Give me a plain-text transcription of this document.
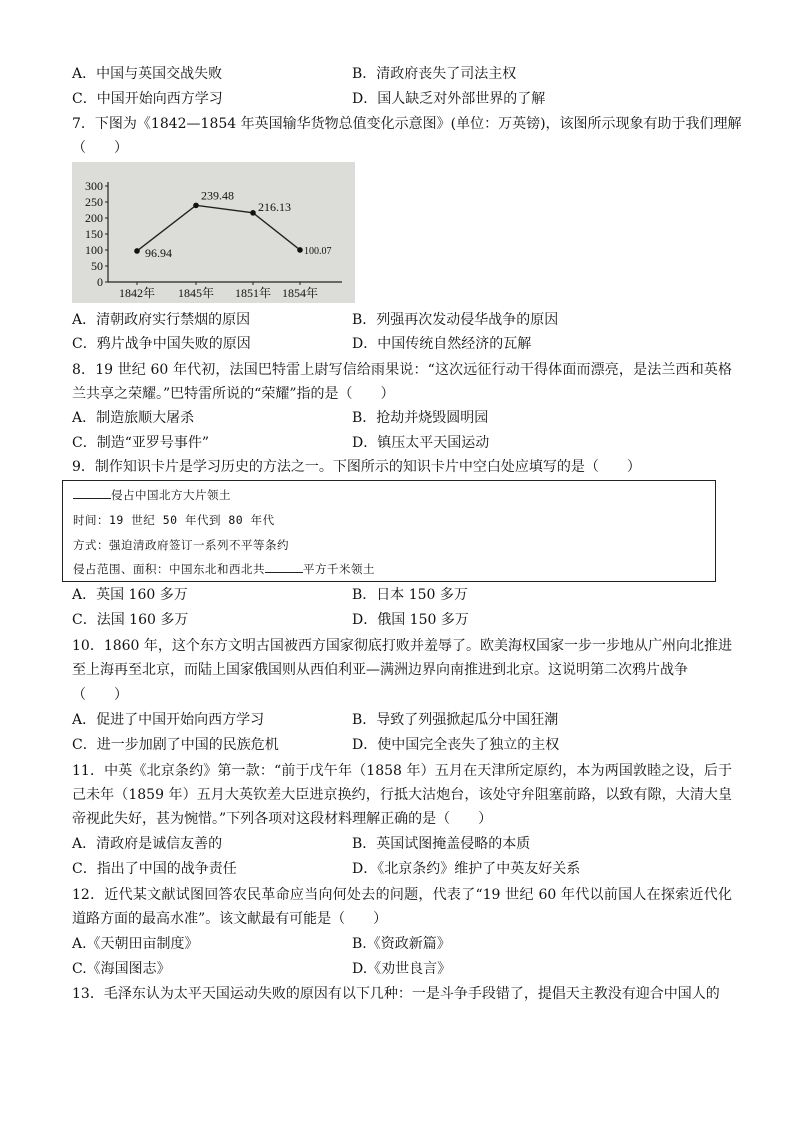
A．中国与英国交战失败	B．清政府丧失了司法主权
C．中国开始向西方学习	D．国人缺乏对外部世界的了解
7．下图为《1842—1854 年英国输华货物总值变化示意图》(单位：万英镑)，该图所示现象有助于我们理解
（　　）
300
250
200
150
100
50
0
96.94
239.48
216.13
100.07
1842年 1845年 1851年 1854年
A．清朝政府实行禁烟的原因	B．列强再次发动侵华战争的原因
C．鸦片战争中国失败的原因	D．中国传统自然经济的瓦解
8．19 世纪 60 年代初，法国巴特雷上尉写信给雨果说：“这次远征行动干得体面而漂亮，是法兰西和英格兰共享之荣耀。”巴特雷所说的“荣耀”指的是（　　）
A．制造旅顺大屠杀	B．抢劫并烧毁圆明园
C．制造“亚罗号事件”	D．镇压太平天国运动
9．制作知识卡片是学习历史的方法之一。下图所示的知识卡片中空白处应填写的是（　　）
侵占中国北方大片领土
时间：19 世纪 50 年代到 80 年代
方式：强迫清政府签订一系列不平等条约
侵占范围、面积：中国东北和西北共	平方千米领土
A．英国 160 多万	B．日本 150 多万
C．法国 160 多万	D．俄国 150 多万
10．1860 年，这个东方文明古国被西方国家彻底打败并羞辱了。欧美海权国家一步一步地从广州向北推进至上海再至北京，而陆上国家俄国则从西伯利亚—满洲边界向南推进到北京。这说明第二次鸦片战争
（　　）
A．促进了中国开始向西方学习	B．导致了列强掀起瓜分中国狂潮
C．进一步加剧了中国的民族危机	D．使中国完全丧失了独立的主权
11．中英《北京条约》第一款：“前于戊午年（1858 年）五月在天津所定原约，本为两国敦睦之设，后于己未年（1859 年）五月大英钦差大臣进京换约，行抵大沽炮台，该处守弁阻塞前路，以致有隙，大清大皇帝视此失好，甚为惋惜。”下列各项对这段材料理解正确的是（　　）
A．清政府是诚信友善的	B．英国试图掩盖侵略的本质
C．指出了中国的战争责任	D．《北京条约》维护了中英友好关系
12．近代某文献试图回答农民革命应当向何处去的问题，代表了“19 世纪 60 年代以前国人在探索近代化道路方面的最高水准”。该文献最有可能是（　　）
A.《天朝田亩制度》	B.《资政新篇》
C.《海国图志》	D.《劝世良言》
13．毛泽东认为太平天国运动失败的原因有以下几种：一是斗争手段错了，提倡天主教没有迎合中国人的
